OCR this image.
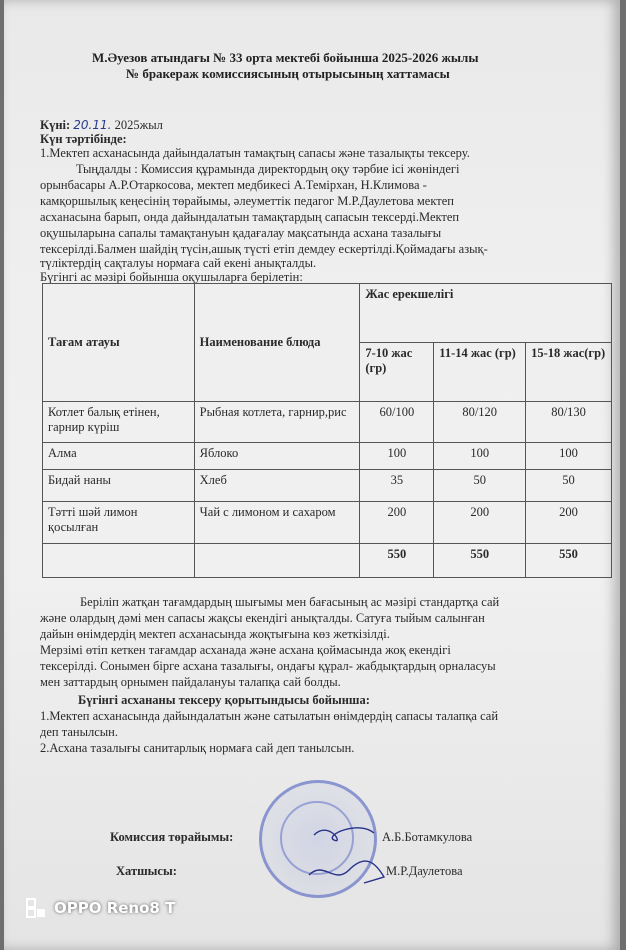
М.Әуезов атындағы № 33 орта мектебі бойынша 2025-2026 жылы
№ бракераж комиссиясының отырысының хаттамасы
Күні: 20.11. 2025жыл
Күн тәртібінде:
1.Мектеп асханасында дайындалатын тамақтың сапасы және тазалықты тексеру.
Тыңдалды : Комиссия құрамында директордың оқу тәрбие ісі жөніндегі
орынбасары А.Р.Отаркосова, мектеп медбикесі А.Темірхан, Н.Климова -
камқоршылық кеңесінің төрайымы, әлеуметтік педагог М.Р.Даулетова мектеп
асханасына барып, онда дайындалатын тамақтардың сапасын тексерді.Мектеп
оқушыларына сапалы тамақтануын қадағалау мақсатында асхана тазалығы
тексерілді.Балмен шайдің түсін,ашық түсті етіп демдеу ескертілді.Қоймадағы азық-
түліктердің сақталуы нормаға сай екені анықталды.
Бүгінгі ас мәзірі бойынша оқушыларға берілетін:
Тағам атауы	Наименование блюда	Жас ерекшелігі		
		7-10 жас (гр)	11-14 жас (гр)	15-18 жас(гр)
Котлет балық етінен, гарнир күріш	Рыбная котлета, гарнир,рис	60/100	80/120	80/130
Алма	Яблоко	100	100	100
Бидай наны	Хлеб	35	50	50
Тәтті шәй лимон қосылған	Чай с лимоном и сахаром	200	200	200
		550	550	550
Беріліп жатқан тағамдардың шығымы мен бағасының ас мәзірі стандартқа сай
және олардың дәмі мен сапасы жақсы екендігі анықталды. Сатуға тыйым салынған
дайын өнімдердің мектеп асханасында жоқтығына көз жеткізілді.
Мерзімі өтіп кеткен тағамдар асханада және асхана қоймасында жоқ екендігі
тексерілді. Сонымен бірге асхана тазалығы, ондағы құрал- жабдықтардың орналасуы
мен заттардың орнымен пайдалануы талапқа сай болды.
Бүгінгі асхананы тексеру қорытындысы бойынша:
1.Мектеп асханасында дайындалатын және сатылатын өнімдердің сапасы талапқа сай
деп танылсын.
2.Асхана тазалығы санитарлық нормаға сай деп танылсын.
Комиссия төрайымы:	А.Б.Ботамкулова
Хатшысы:	М.Р.Даулетова
OPPO Reno8 T
